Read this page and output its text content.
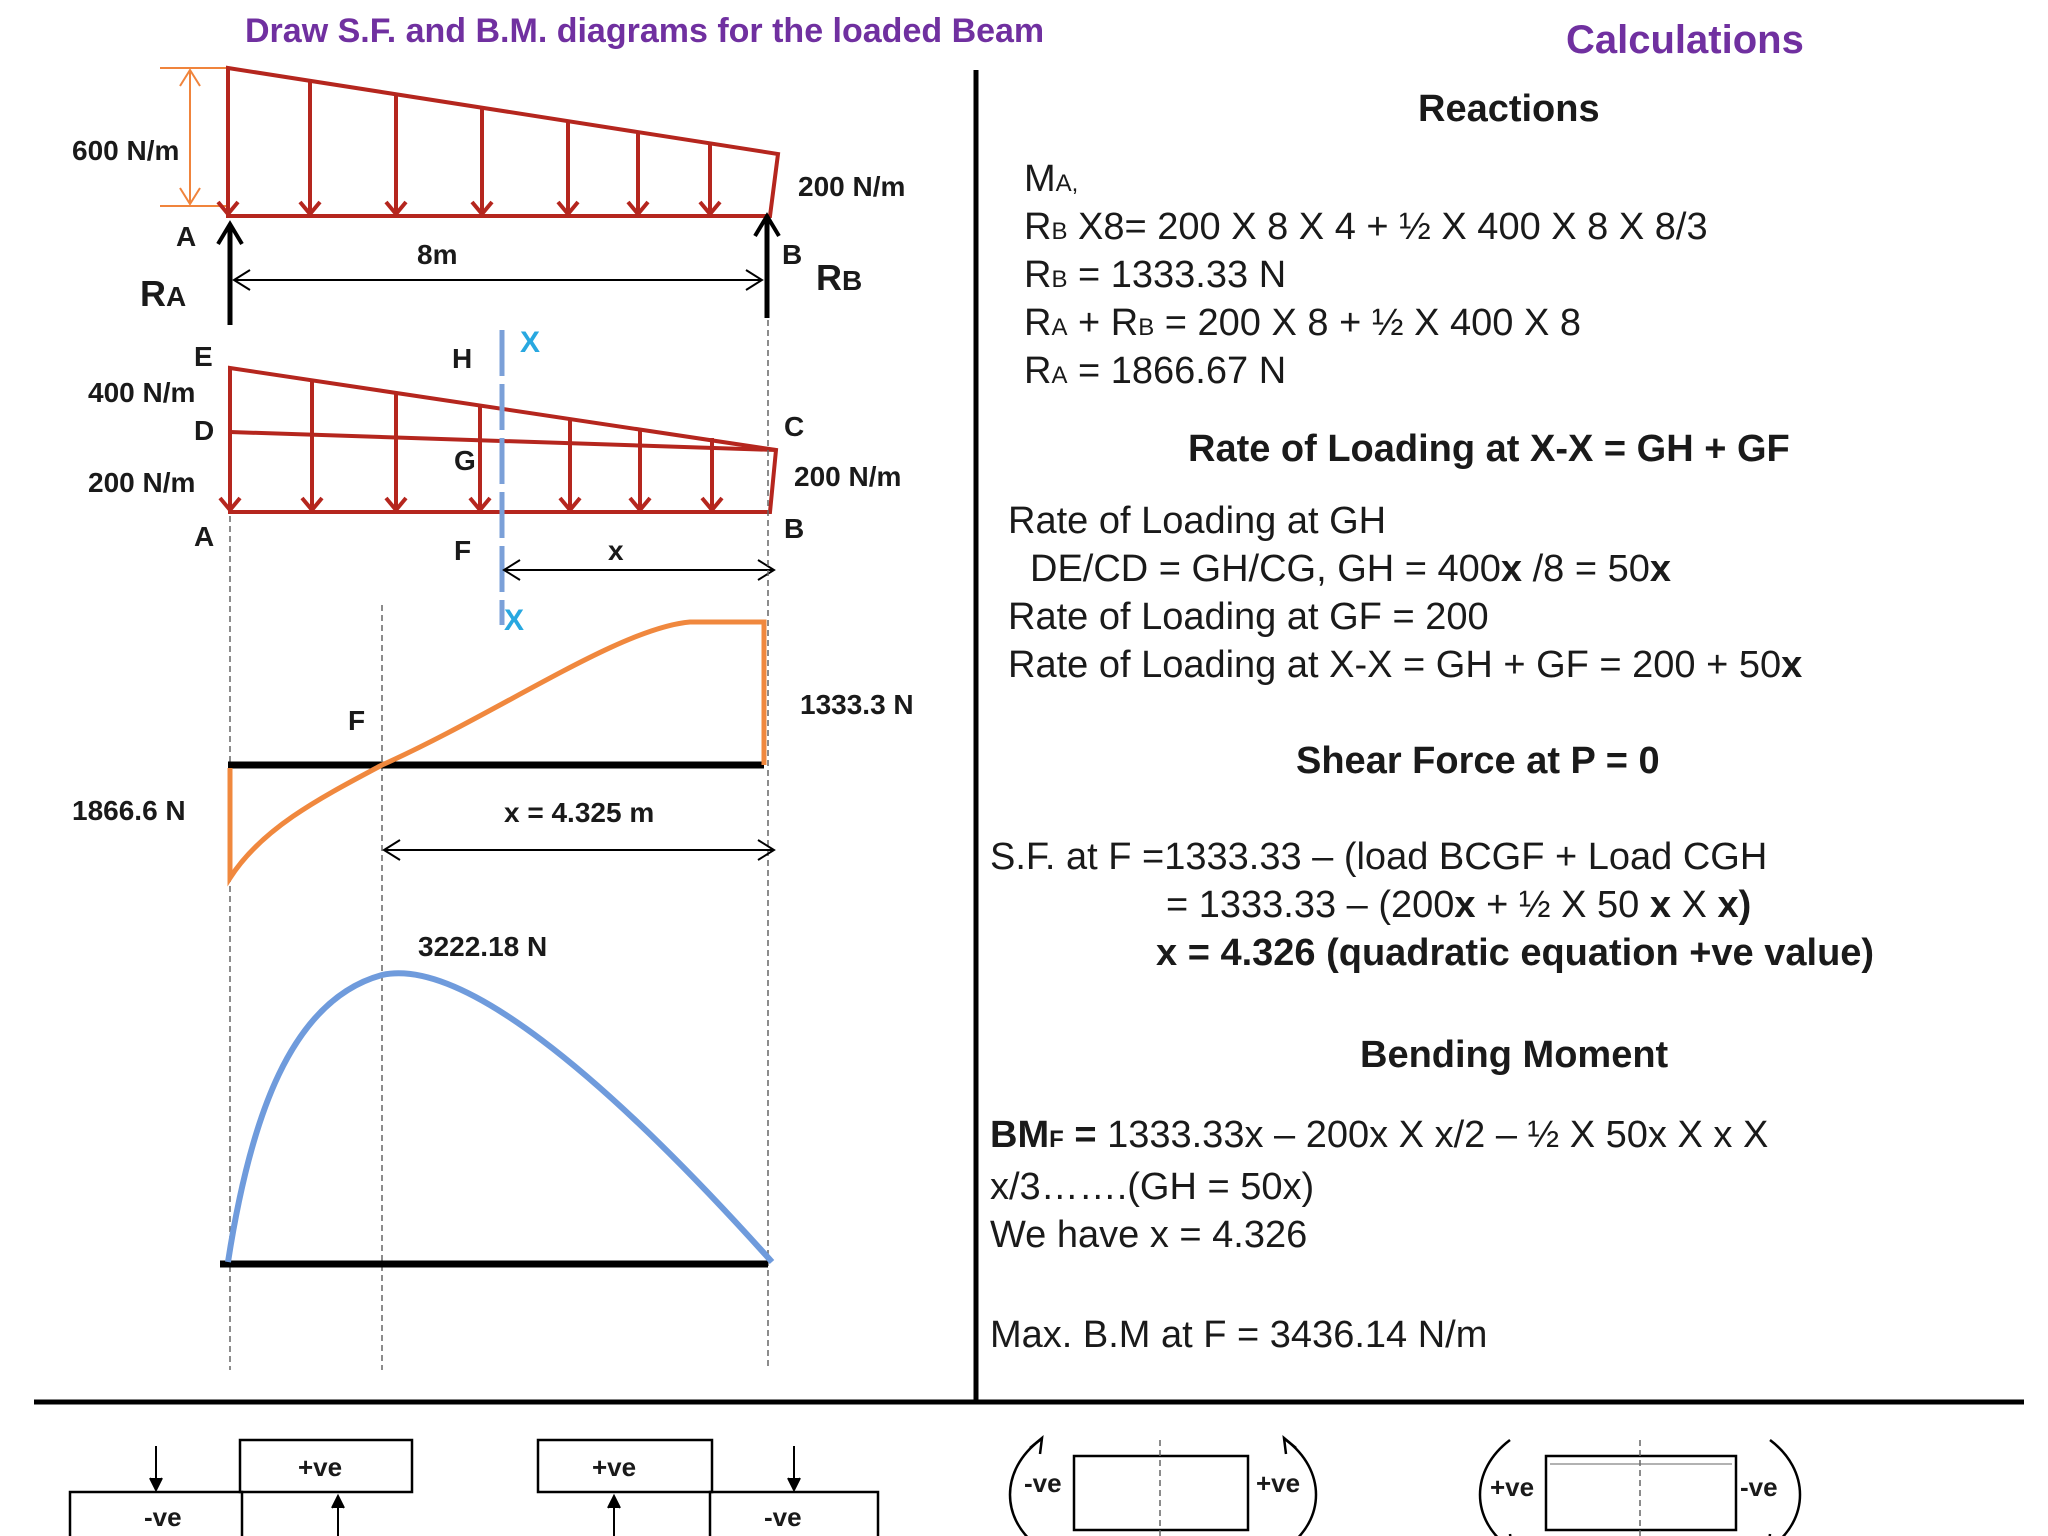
Draw S.F. and B.M. diagrams for the loaded Beam
600 N/m
200 N/m
A
B
8m
RA	RB
E
400 N/m
D
200 N/m
A
H
G
F
C
B
200 N/m
X
X
x
F
1866.6 N
1333.3 N
x = 4.325 m
3222.18 N
-ve
+ve	+ve
-ve
-ve	+ve	+ve	-ve
Calculations
Reactions
MA,
RB X8= 200 X 8 X 4 + ½ X 400 X 8 X 8/3
RB = 1333.33 N
RA + RB = 200 X 8 + ½ X 400 X 8
RA = 1866.67 N
Rate of Loading at X-X = GH + GF
Rate of Loading at GH
DE/CD = GH/CG, GH = 400x /8 = 50x
Rate of Loading at GF = 200
Rate of Loading at X-X = GH + GF = 200 + 50x
Shear Force at P = 0
S.F. at F =1333.33 – (load BCGF + Load CGH
= 1333.33 – (200x + ½ X 50 x X x)
x = 4.326 (quadratic equation +ve value)
Bending Moment
BMF = 1333.33x – 200x X x/2 – ½ X 50x X x X
x/3…….(GH = 50x)
We have x = 4.326
Max. B.M at F = 3436.14 N/m
